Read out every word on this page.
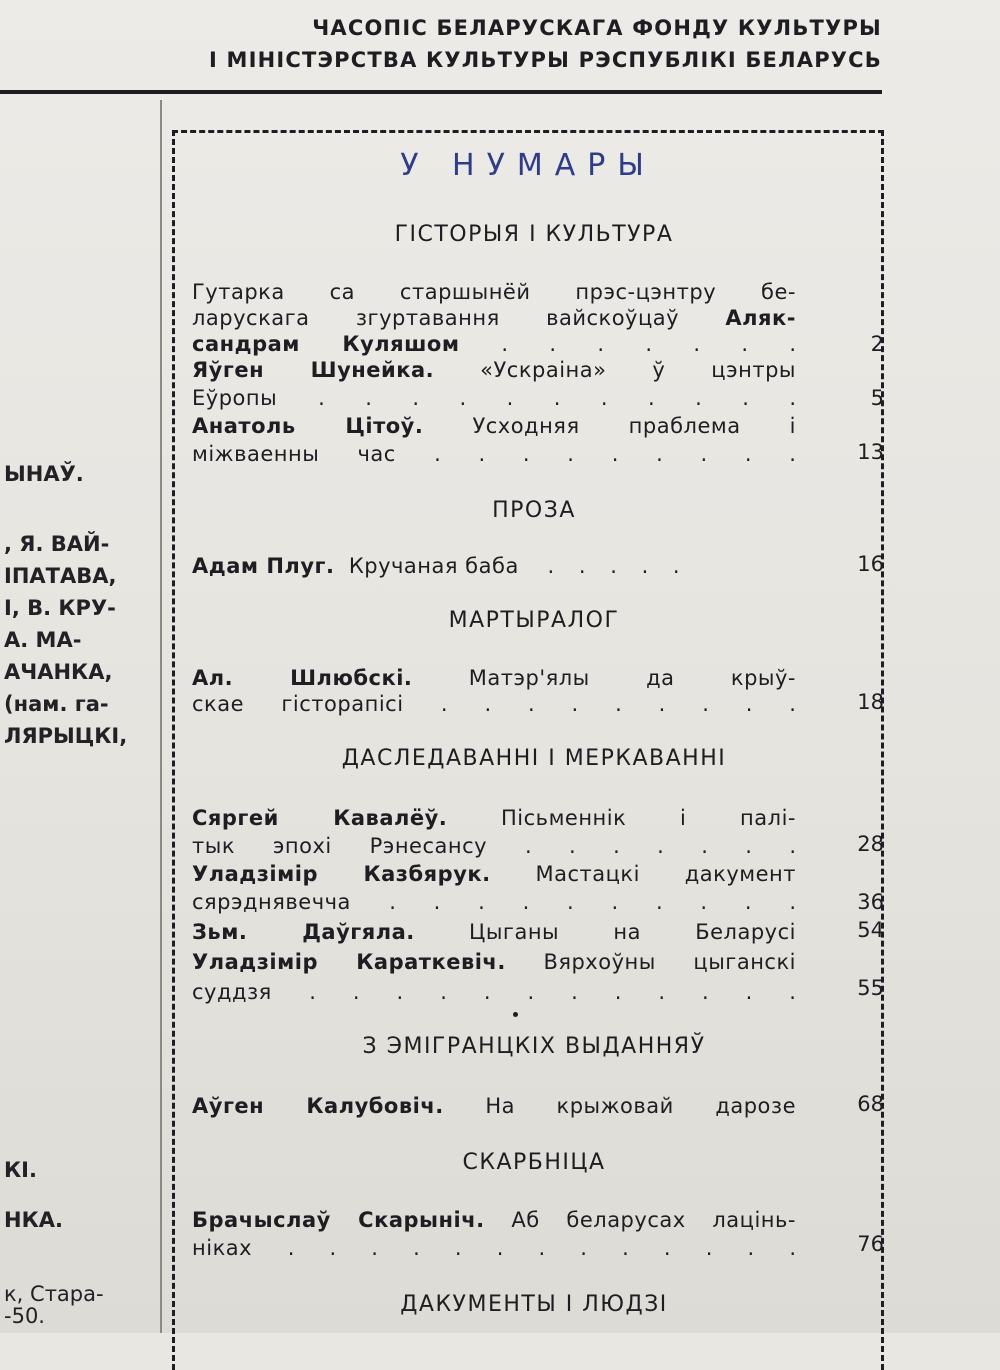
ЧАСОПІС БЕЛАРУСКАГА ФОНДУ КУЛЬТУРЫ
І МІНІСТЭРСТВА КУЛЬТУРЫ РЭСПУБЛІКІ БЕЛАРУСЬ
ЫНАЎ.
, Я. ВАЙ-
ІПАТАВА,
І, В. КРУ-
А. МА-
АЧАНКА,
(нам. га-
ЛЯРЫЦКІ,
КІ.
НКА.
к, Стара-
-50.
У НУМАРЫ
ГІСТОРЫЯ І КУЛЬТУРА
Гутарка са старшынёй прэс-цэнтру бе-
ларускага згуртавання вайскоўцаў Аляк-
сандрам Куляшом . . . . . . .	2
Яўген Шунейка. «Ускраіна» ў цэнтры
Еўропы . . . . . . . . . . .	5
Анатоль Цітоў. Усходняя праблема і
міжваенны час . . . . . . . . .	13
ПРОЗА
Адам Плуг. Кручаная баба . . . . .	16
МАРТЫРАЛОГ
Ал. Шлюбскі.	Матэр'ялы да крыў-
скае гісторапісі . . . . . . . . .	18
ДАСЛЕДАВАННІ І МЕРКАВАННІ
Сяргей Кавалёў.	Пісьменнік і палі-
тык эпохі Рэнесансу . . . . . . .	28
Уладзімір Казбярук. Мастацкі дакумент
сярэднявечча . . . . . . . . . .	36
Зьм. Даўгяла.	Цыганы на Беларусі	54
Уладзімір Караткевіч. Вярхоўны цыганскі
суддзя . . . . . . . . . . . .	55
З ЭМІГРАНЦКІХ ВЫДАННЯЎ
Аўген Калубовіч. На крыжовай дарозе	68
СКАРБНІЦА
Брачыслаў Скарыніч. Аб беларусах лацінь-
ніках . . . . . . . . . . . . .	76
ДАКУМЕНТЫ І ЛЮДЗІ
